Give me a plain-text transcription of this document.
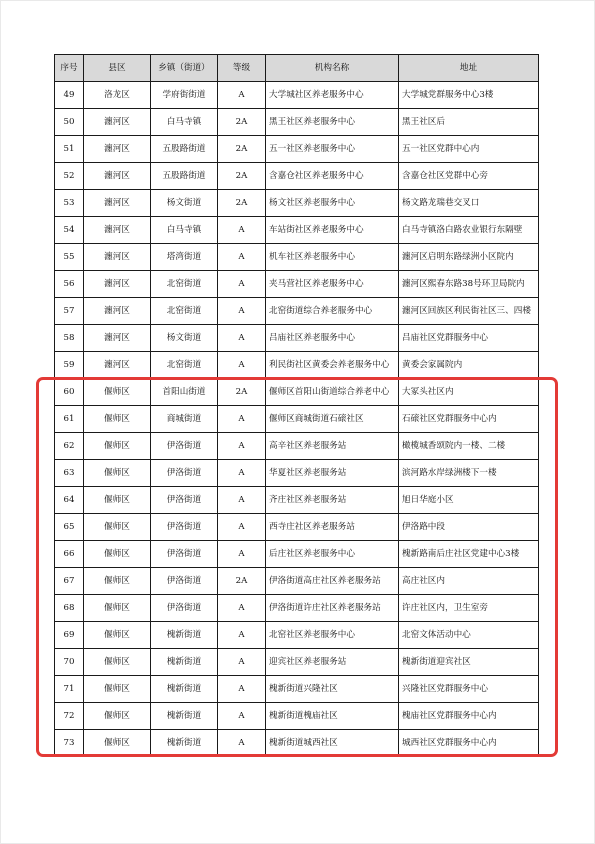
序号	县区	乡镇（街道）	等级	机构名称	地址
49	洛龙区	学府街街道	A	大学城社区养老服务中心	大学城党群服务中心3楼
50	瀍河区	白马寺镇	2A	黑王社区养老服务中心	黑王社区后
51	瀍河区	五股路街道	2A	五一社区养老服务中心	五一社区党群中心内
52	瀍河区	五股路街道	2A	含嘉仓社区养老服务中心	含嘉仓社区党群中心旁
53	瀍河区	杨文街道	2A	杨文社区养老服务中心	杨文路龙瑞巷交叉口
54	瀍河区	白马寺镇	A	车站街社区养老服务中心	白马寺镇洛白路农业银行东隔壁
55	瀍河区	塔湾街道	A	机车社区养老服务中心	瀍河区启明东路绿洲小区院内
56	瀍河区	北窑街道	A	夹马营社区养老服务中心	瀍河区熙春东路38号环卫局院内
57	瀍河区	北窑街道	A	北窑街道综合养老服务中心	瀍河区回族区利民街社区三、四楼
58	瀍河区	杨文街道	A	吕庙社区养老服务中心	吕庙社区党群服务中心
59	瀍河区	北窑街道	A	利民街社区黄委会养老服务中心	黄委会家属院内
60	偃师区	首阳山街道	2A	偃师区首阳山街道综合养老中心	大冢头社区内
61	偃师区	商城街道	A	偃师区商城街道石磙社区	石磙社区党群服务中心内
62	偃师区	伊洛街道	A	高辛社区养老服务站	橄榄城香颂院内一楼、二楼
63	偃师区	伊洛街道	A	华夏社区养老服务站	滨河路水岸绿洲楼下一楼
64	偃师区	伊洛街道	A	齐庄社区养老服务站	旭日华庭小区
65	偃师区	伊洛街道	A	西寺庄社区养老服务站	伊洛路中段
66	偃师区	伊洛街道	A	后庄社区养老服务中心	槐新路南后庄社区党建中心3楼
67	偃师区	伊洛街道	2A	伊洛街道高庄社区养老服务站	高庄社区内
68	偃师区	伊洛街道	A	伊洛街道许庄社区养老服务站	许庄社区内，卫生室旁
69	偃师区	槐新街道	A	北窑社区养老服务中心	北窑文体活动中心
70	偃师区	槐新街道	A	迎宾社区养老服务站	槐新街道迎宾社区
71	偃师区	槐新街道	A	槐新街道兴隆社区	兴隆社区党群服务中心
72	偃师区	槐新街道	A	槐新街道槐庙社区	槐庙社区党群服务中心内
73	偃师区	槐新街道	A	槐新街道城西社区	城西社区党群服务中心内
